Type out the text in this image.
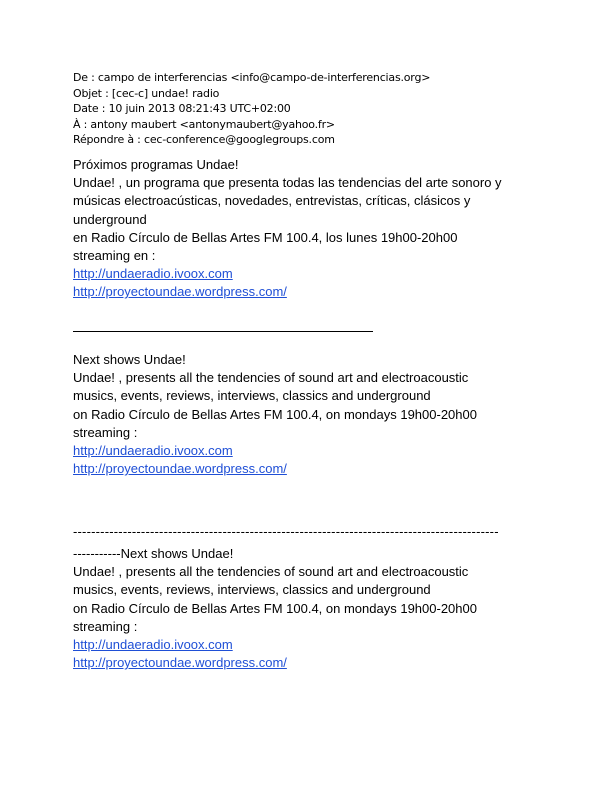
De : campo de interferencias <info@campo-de-interferencias.org>
Objet : [cec-c] undae! radio
Date : 10 juin 2013 08:21:43 UTC+02:00
À : antony maubert <antonymaubert@yahoo.fr>
Répondre à : cec-conference@googlegroups.com
Próximos programas Undae!
Undae! , un programa que presenta todas las tendencias del arte sonoro y
músicas electroacústicas, novedades, entrevistas, críticas, clásicos y
underground
en Radio Círculo de Bellas Artes FM 100.4, los lunes 19h00-20h00
streaming en :
http://undaeradio.ivoox.com
http://proyectoundae.wordpress.com/
Next shows Undae!
Undae! , presents all the tendencies of sound art and electroacoustic
musics, events, reviews, interviews, classics and underground
on Radio Círculo de Bellas Artes FM 100.4, on mondays 19h00-20h00
streaming :
http://undaeradio.ivoox.com
http://proyectoundae.wordpress.com/
----------------------------------------------------------------------------------------------
-----------Next shows Undae!
Undae! , presents all the tendencies of sound art and electroacoustic
musics, events, reviews, interviews, classics and underground
on Radio Círculo de Bellas Artes FM 100.4, on mondays 19h00-20h00
streaming :
http://undaeradio.ivoox.com
http://proyectoundae.wordpress.com/
